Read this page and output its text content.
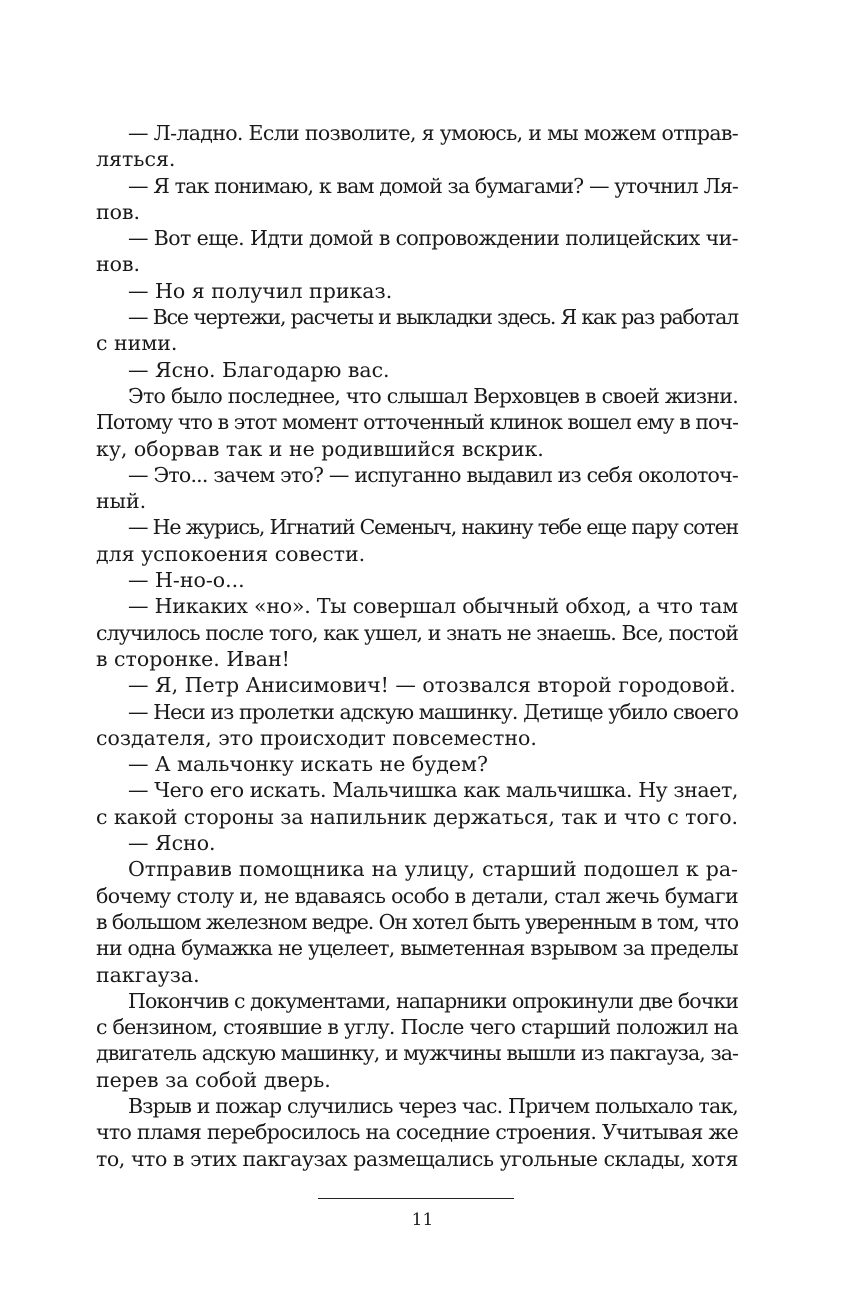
— Л-ладно. Если позволите, я умоюсь, и мы можем отправ-
ляться.
— Я так понимаю, к вам домой за бумагами? — уточнил Ля-
пов.
— Вот еще. Идти домой в сопровождении полицейских чи-
нов.
— Но я получил приказ.
— Все чертежи, расчеты и выкладки здесь. Я как раз работал
с ними.
— Ясно. Благодарю вас.
Это было последнее, что слышал Верховцев в своей жизни.
Потому что в этот момент отточенный клинок вошел ему в поч-
ку, оборвав так и не родившийся вскрик.
— Это... зачем это? — испуганно выдавил из себя околоточ-
ный.
— Не журись, Игнатий Семеныч, накину тебе еще пару сотен
для успокоения совести.
— Н-но-о...
— Никаких «но». Ты совершал обычный обход, а что там
случилось после того, как ушел, и знать не знаешь. Все, постой
в сторонке. Иван!
— Я, Петр Анисимович! — отозвался второй городовой.
— Неси из пролетки адскую машинку. Детище убило своего
создателя, это происходит повсеместно.
— А мальчонку искать не будем?
— Чего его искать. Мальчишка как мальчишка. Ну знает,
с какой стороны за напильник держаться, так и что с того.
— Ясно.
Отправив помощника на улицу, старший подошел к ра-
бочему столу и, не вдаваясь особо в детали, стал жечь бумаги
в большом железном ведре. Он хотел быть уверенным в том, что
ни одна бумажка не уцелеет, выметенная взрывом за пределы
пакгауза.
Покончив с документами, напарники опрокинули две бочки
с бензином, стоявшие в углу. После чего старший положил на
двигатель адскую машинку, и мужчины вышли из пакгауза, за-
перев за собой дверь.
Взрыв и пожар случились через час. Причем полыхало так,
что пламя перебросилось на соседние строения. Учитывая же
то, что в этих пакгаузах размещались угольные склады, хотя
11
